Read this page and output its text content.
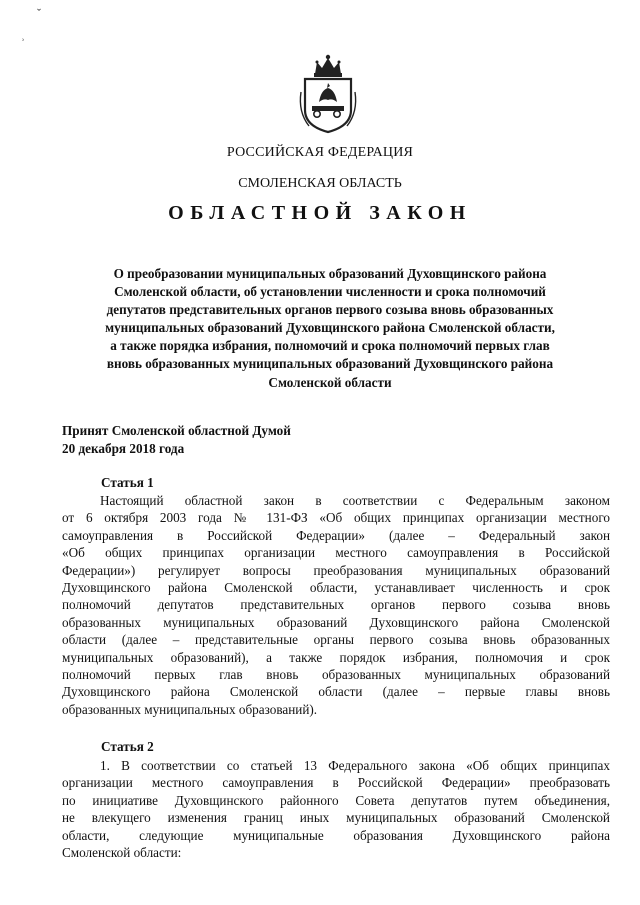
ˇ
ʾ
РОССИЙСКАЯ ФЕДЕРАЦИЯ
СМОЛЕНСКАЯ ОБЛАСТЬ
ОБЛАСТНОЙ ЗАКОН
О преобразовании муниципальных образований Духовщинского района
Смоленской области, об установлении численности и срока полномочий
депутатов представительных органов первого созыва вновь образованных
муниципальных образований Духовщинского района Смоленской области,
а также порядка избрания, полномочий и срока полномочий первых глав
вновь образованных муниципальных образований Духовщинского района
Смоленской области
Принят Смоленской областной Думой
20 декабря 2018 года
Статья 1
Настоящий областной закон в соответствии с Федеральным законом
от 6 октября 2003 года № 131-ФЗ «Об общих принципах организации местного
самоуправления в Российской Федерации» (далее – Федеральный закон
«Об общих принципах организации местного самоуправления в Российской
Федерации») регулирует вопросы преобразования муниципальных образований
Духовщинского района Смоленской области, устанавливает численность и срок
полномочий депутатов представительных органов первого созыва вновь
образованных муниципальных образований Духовщинского района Смоленской
области (далее – представительные органы первого созыва вновь образованных
муниципальных образований), а также порядок избрания, полномочия и срок
полномочий первых глав вновь образованных муниципальных образований
Духовщинского района Смоленской области (далее – первые главы вновь
образованных муниципальных образований).
Статья 2
1. В соответствии со статьей 13 Федерального закона «Об общих принципах
организации местного самоуправления в Российской Федерации» преобразовать
по инициативе Духовщинского районного Совета депутатов путем объединения,
не влекущего изменения границ иных муниципальных образований Смоленской
области, следующие муниципальные образования Духовщинского района
Смоленской области:
